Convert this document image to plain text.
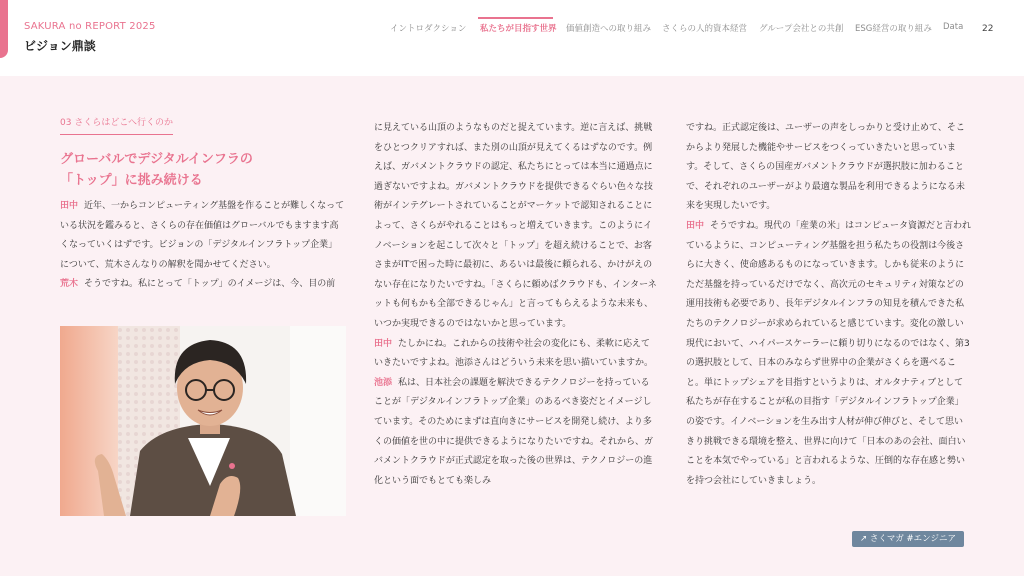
SAKURA no REPORT 2025
ビジョン鼎談
イントロダクション 私たちが目指す世界 価値創造への取り組み さくらの人的資本経営 グループ会社との共創 ESG経営の取り組み Data 22
03 さくらはどこへ行くのか
グローバルでデジタルインフラの
「トップ」に挑み続ける

田中 近年、一からコンピューティング基盤を作ることが難しくなっている状況を鑑みると、さくらの存在価値はグローバルでもますます高くなっていくはずです。ビジョンの「デジタルインフラトップ企業」について、荒木さんなりの解釈を聞かせてください。

荒木 そうですね。私にとって「トップ」のイメージは、今、目の前

に見えている山頂のようなものだと捉えています。逆に言えば、挑戦をひとつクリアすれば、また別の山頂が見えてくるはずなのです。例えば、ガバメントクラウドの認定、私たちにとっては本当に通過点に過ぎないですよね。ガバメントクラウドを提供できるぐらい色々な技術がインテグレートされていることがマーケットで認知されることによって、さくらがやれることはもっと増えていきます。このようにイノベーションを起こして次々と「トップ」を超え続けることで、お客さまがITで困った時に最初に、あるいは最後に頼られる、かけがえのない存在になりたいですね。「さくらに頼めばクラウドも、インターネットも何もかも全部できるじゃん」と言ってもらえるような未来も、いつか実現できるのではないかと思っています。

田中 たしかにね。これからの技術や社会の変化にも、柔軟に応えていきたいですよね。池添さんはどういう未来を思い描いていますか。

池添 私は、日本社会の課題を解決できるテクノロジーを持っていることが「デジタルインフラトップ企業」のあるべき姿だとイメージしています。そのためにまずは直向きにサービスを開発し続け、より多くの価値を世の中に提供できるようになりたいですね。それから、ガバメントクラウドが正式認定を取った後の世界は、テクノロジーの進化という面でもとても楽しみ

ですね。正式認定後は、ユーザーの声をしっかりと受け止めて、そこからより発展した機能やサービスをつくっていきたいと思っています。そして、さくらの国産ガバメントクラウドが選択肢に加わることで、それぞれのユーザーがより最適な製品を利用できるようになる未来を実現したいです。

田中 そうですね。現代の「産業の米」はコンピュータ資源だと言われているように、コンピューティング基盤を担う私たちの役割は今後さらに大きく、使命感あるものになっていきます。しかも従来のようにただ基盤を持っているだけでなく、高次元のセキュリティ対策などの運用技術も必要であり、長年デジタルインフラの知見を積んできた私たちのテクノロジーが求められていると感じています。変化の激しい現代において、ハイパースケーラーに頼り切りになるのではなく、第3の選択肢として、日本のみならず世界中の企業がさくらを選べること。単にトップシェアを目指すというよりは、オルタナティブとして私たちが存在することが私の目指す「デジタルインフラトップ企業」の姿です。イノベーションを生み出す人材が伸び伸びと、そして思いきり挑戦できる環境を整え、世界に向けて「日本のあの会社、面白いことを本気でやっている」と言われるような、圧倒的な存在感と勢いを持つ会社にしていきましょう。

↗ さくマガ #エンジニア
